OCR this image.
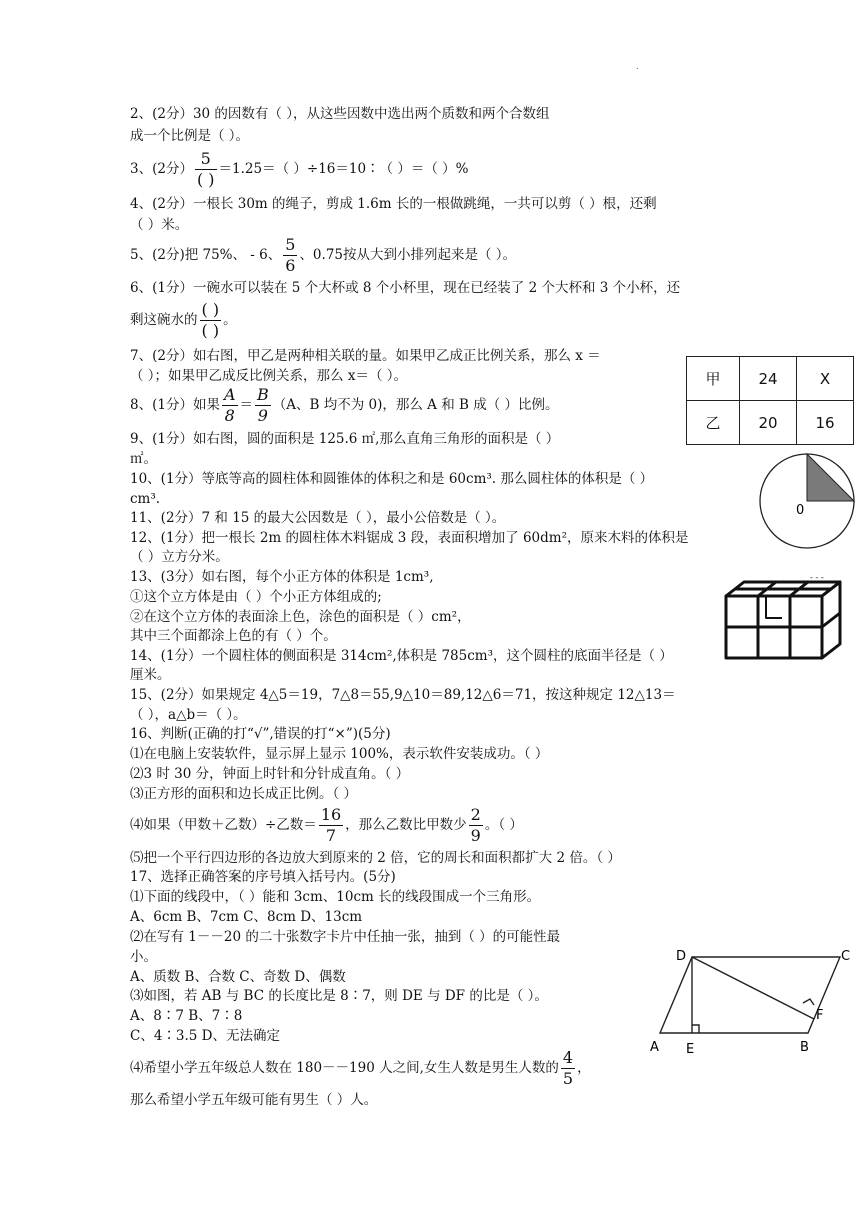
.
2、(2分）30 的因数有（ ），从这些因数中选出两个质数和两个合数组
成一个比例是（ ）。
3、(2分） $\frac{5}{( )} =1.25=$（ ）÷16＝10∶（ ）＝（ ）%
4、(2分）一根长 30m 的绳子，剪成 1.6m 长的一根做跳绳，一共可以剪（ ）根，还剩
（ ）米。
5、(2分)把 75%、 - 6、 $\frac{5}{6}$ 、0.7̇5按从大到小排列起来是（ ）。
6、(1分）一碗水可以装在 5 个大杯或 8 个小杯里，现在已经装了 2 个大杯和 3 个小杯，还
剩这碗水的 $\frac{( )}{( )}$ 。
7、(2分）如右图，甲乙是两种相关联的量。如果甲乙成正比例关系，那么 x ＝
（ ）；如果甲乙成反比例关系，那么 x＝（ ）。
8、(1分）如果 $\frac{A}{8} = \frac{B}{9} (A$、B 均不为 0)，那么 A 和 B 成（ ）比例。
9、(1分）如右图，圆的面积是 125.6 ㎡,那么直角三角形的面积是（ ）
㎡。
10、(1分）等底等高的圆柱体和圆锥体的体积之和是 60cm³. 那么圆柱体的体积是（ ）
cm³.
11、(2分）7 和 15 的最大公因数是（ ），最小公倍数是（ ）。
12、(1分）把一根长 2m 的圆柱体木料锯成 3 段，表面积增加了 60dm²，原来木料的体积是
（ ）立方分米。
13、(3分）如右图，每个小正方体的体积是 1cm³,
①这个立方体是由（ ）个小正方体组成的;
②在这个立方体的表面涂上色，涂色的面积是（ ）cm²，
其中三个面都涂上色的有（ ）个。
14、(1分）一个圆柱体的侧面积是 314cm²,体积是 785cm³，这个圆柱的底面半径是（ ）
厘米。
15、(2分）如果规定 4△5＝19，7△8＝55,9△10＝89,12△6＝71，按这种规定 12△13＝
（ ），a△b＝（ ）。
16、判断(正确的打“√”,错误的打“×”)(5分)
⑴在电脑上安装软件，显示屏上显示 100%，表示软件安装成功。（ ）
⑵3 时 30 分，钟面上时针和分针成直角。（ ）
⑶正方形的面积和边长成正比例。（ ）
⑷如果（甲数＋乙数）÷乙数＝ $\frac{16}{7}$ ，那么乙数比甲数少 $\frac{2}{9}$ 。（ ）
⑸把一个平行四边形的各边放大到原来的 2 倍，它的周长和面积都扩大 2 倍。（ ）
17、选择正确答案的序号填入括号内。(5分)
⑴下面的线段中，（ ）能和 3cm、10cm 长的线段围成一个三角形。
A、6cm B、7cm C、8cm D、13cm
⑵在写有 1－－20 的二十张数字卡片中任抽一张，抽到（ ）的可能性最
小。
A、质数 B、合数 C、奇数 D、偶数
⑶如图，若 AB 与 BC 的长度比是 8∶7，则 DE 与 DF 的比是（ ）。
A、8∶7 B、7∶8
C、4∶3.5 D、无法确定
⑷希望小学五年级总人数在 180－－190 人之间,女生人数是男生人数的 $\frac{4}{5}$ ，
那么希望小学五年级可能有男生（ ）人。
甲	24	X
乙	20	16
0
- - -
D	C
A E	B
F
